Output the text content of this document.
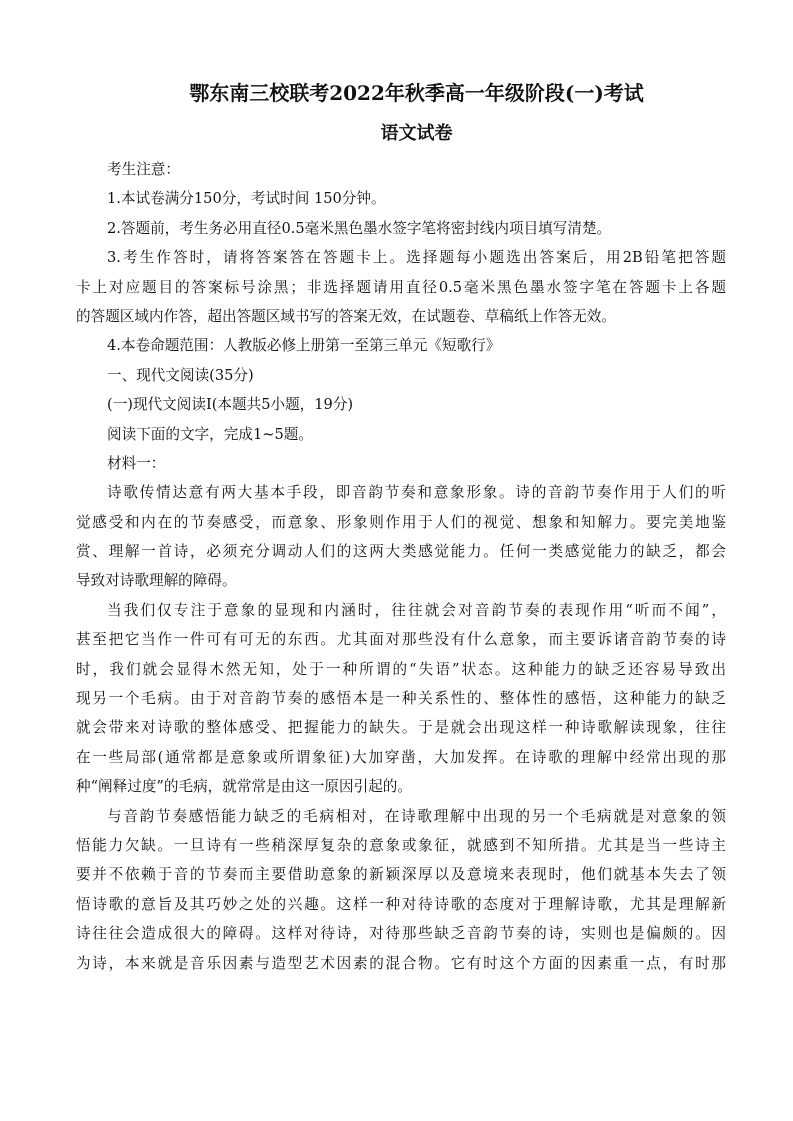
鄂东南三校联考2022年秋季高一年级阶段(一)考试
语文试卷
考生注意：
1.本试卷满分150分，考试时间 150分钟。
2.答题前，考生务必用直径0.5毫米黑色墨水签字笔将密封线内项目填写清楚。
3.考生作答时，请将答案答在答题卡上。选择题每小题选出答案后，用2B铅笔把答题
卡上对应题目的答案标号涂黑；非选择题请用直径0.5毫米黑色墨水签字笔在答题卡上各题
的答题区域内作答，超出答题区域书写的答案无效，在试题卷、草稿纸上作答无效。
4.本卷命题范围：人教版必修上册第一至第三单元《短歌行》
一、现代文阅读(35分)
(一)现代文阅读Ⅰ(本题共5小题，19分)
阅读下面的文字，完成1~5题。
材料一：
诗歌传情达意有两大基本手段，即音韵节奏和意象形象。诗的音韵节奏作用于人们的听
觉感受和内在的节奏感受，而意象、形象则作用于人们的视觉、想象和知解力。要完美地鉴
赏、理解一首诗，必须充分调动人们的这两大类感觉能力。任何一类感觉能力的缺乏，都会
导致对诗歌理解的障碍。
当我们仅专注于意象的显现和内涵时，往往就会对音韵节奏的表现作用“听而不闻”，
甚至把它当作一件可有可无的东西。尤其面对那些没有什么意象，而主要诉诸音韵节奏的诗
时，我们就会显得木然无知，处于一种所谓的“失语”状态。这种能力的缺乏还容易导致出
现另一个毛病。由于对音韵节奏的感悟本是一种关系性的、整体性的感悟，这种能力的缺乏
就会带来对诗歌的整体感受、把握能力的缺失。于是就会出现这样一种诗歌解读现象，往往
在一些局部(通常都是意象或所谓象征)大加穿凿，大加发挥。在诗歌的理解中经常出现的那
种“阐释过度”的毛病，就常常是由这一原因引起的。
与音韵节奏感悟能力缺乏的毛病相对，在诗歌理解中出现的另一个毛病就是对意象的领
悟能力欠缺。一旦诗有一些稍深厚复杂的意象或象征，就感到不知所措。尤其是当一些诗主
要并不依赖于音的节奏而主要借助意象的新颖深厚以及意境来表现时，他们就基本失去了领
悟诗歌的意旨及其巧妙之处的兴趣。这样一种对待诗歌的态度对于理解诗歌，尤其是理解新
诗往往会造成很大的障碍。这样对待诗，对待那些缺乏音韵节奏的诗，实则也是偏颇的。因
为诗，本来就是音乐因素与造型艺术因素的混合物。它有时这个方面的因素重一点，有时那
